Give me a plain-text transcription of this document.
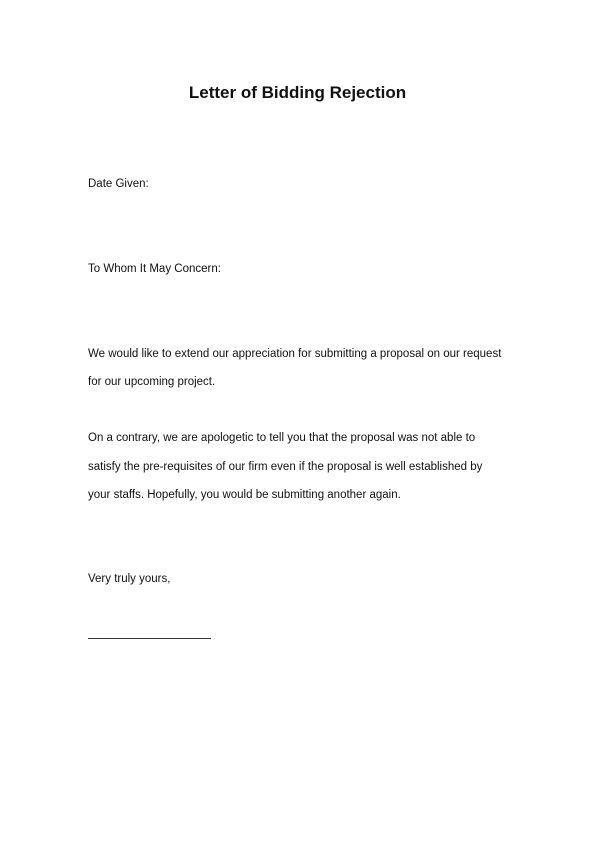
Letter of Bidding Rejection
Date Given:
To Whom It May Concern:
We would like to extend our appreciation for submitting a proposal on our request
for our upcoming project.
On a contrary, we are apologetic to tell you that the proposal was not able to
satisfy the pre-requisites of our firm even if the proposal is well established by
your staffs. Hopefully, you would be submitting another again.
Very truly yours,
